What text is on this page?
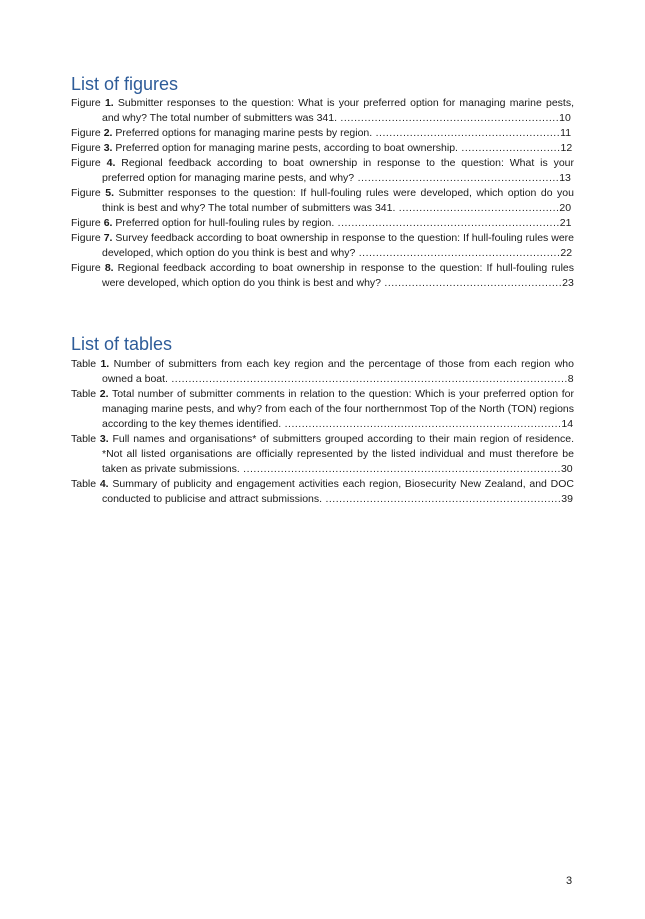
List of figures

Figure 1. Submitter responses to the question: What is your preferred option for managing marine pests, and why? The total number of submitters was 341. ................................................................10

Figure 2. Preferred options for managing marine pests by region. ......................................................11

Figure 3. Preferred option for managing marine pests, according to boat ownership. .............................12

Figure 4. Regional feedback according to boat ownership in response to the question: What is your preferred option for managing marine pests, and why? ...........................................................13

Figure 5. Submitter responses to the question: If hull-fouling rules were developed, which option do you think is best and why? The total number of submitters was 341. ...............................................20

Figure 6. Preferred option for hull-fouling rules by region. .................................................................21

Figure 7. Survey feedback according to boat ownership in response to the question: If hull-fouling rules were developed, which option do you think is best and why? ...........................................................22

Figure 8. Regional feedback according to boat ownership in response to the question: If hull-fouling rules were developed, which option do you think is best and why? ....................................................23

List of tables

Table 1. Number of submitters from each key region and the percentage of those from each region who owned a boat. ....................................................................................................................8

Table 2. Total number of submitter comments in relation to the question: Which is your preferred option for managing marine pests, and why? from each of the four northernmost Top of the North (TON) regions according to the key themes identified. .................................................................................14

Table 3. Full names and organisations* of submitters grouped according to their main region of residence. *Not all listed organisations are officially represented by the listed individual and must therefore be taken as private submissions. .............................................................................................30

Table 4. Summary of publicity and engagement activities each region, Biosecurity New Zealand, and DOC conducted to publicise and attract submissions. .....................................................................39

3
